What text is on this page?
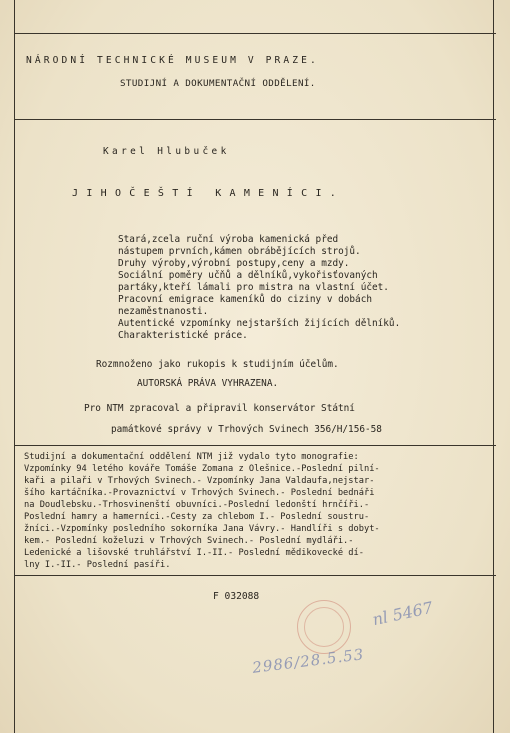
NÁRODNÍ TECHNICKÉ MUSEUM V PRAZE.
STUDIJNÍ A DOKUMENTAČNÍ ODDĚLENÍ.
Karel Hlubuček
JIHOČEŠTÍ KAMENÍCI.
Stará,zcela ruční výroba kamenická před
nástupem prvních,kámen obrábějících strojů.
Druhy výroby,výrobní postupy,ceny a mzdy.
Sociální poměry učňů a dělníků,vykořisťovaných
partáky,kteří lámali pro mistra na vlastní účet.
Pracovní emigrace kameníků do ciziny v dobách
nezaměstnanosti.
Autentické vzpomínky nejstarších žijících dělníků.
Charakteristické práce.
Rozmnoženo jako rukopis k studijním účelům.
AUTORSKÁ PRÁVA VYHRAZENA.
Pro NTM zpracoval a připravil konservátor Státní
památkové správy v Trhových Svinech 356/H/156-58
Studijní a dokumentační oddělení NTM již vydalo tyto monografie:
Vzpomínky 94 letého kováře Tomáše Zomana z Olešnice.-Poslední pilní-
kaři a pilaři v Trhových Svinech.- Vzpomínky Jana Valdaufa,nejstar-
šího kartáčníka.-Provaznictví v Trhových Svinech.- Poslední bednáři
na Doudlebsku.-Trhosvinenští obuvníci.-Poslední ledonští hrnčíři.-
Poslední hamry a hamerníci.-Cesty za chlebom I.- Poslední soustru-
žníci.-Vzpomínky posledního sokorníka Jana Vávry.- Handlíři s dobyt-
kem.- Poslední koželuzi v Trhových Svinech.- Poslední mydláři.-
Ledenické a lišovské truhlářství I.-II.- Poslední mědikovecké dí-
lny I.-II.- Poslední pasíři.
F 032088
nl 5467
2986/28.5.53
